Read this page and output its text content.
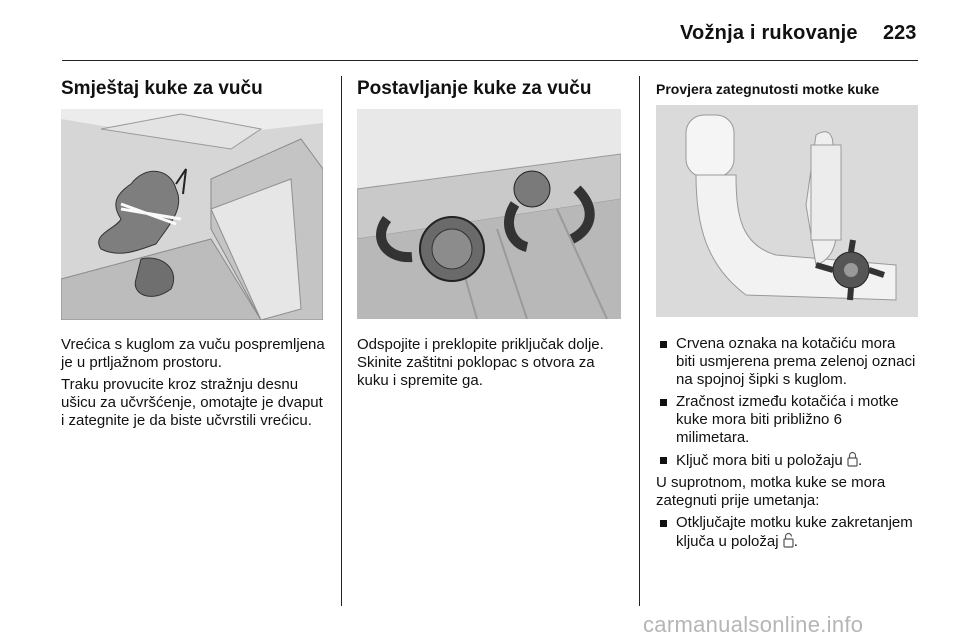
Vožnja i rukovanje 223
Smještaj kuke za vuču

Vrećica s kuglom za vuču pospremljena je u prtljažnom prostoru.

Traku provucite kroz stražnju desnu ušicu za učvršćenje, omotajte je dvaput i zategnite je da biste učvrstili vrećicu.

Postavljanje kuke za vuču

Odspojite i preklopite priključak dolje. Skinite zaštitni poklopac s otvora za kuku i spremite ga.

Provjera zategnutosti motke kuke
Crvena oznaka na kotačiću mora biti usmjerena prema zelenoj oznaci na spojnoj šipki s kuglom.
Zračnost između kotačića i motke kuke mora biti približno 6 milimetara.
Ključ mora biti u položaju .

U suprotnom, motka kuke se mora zategnuti prije umetanja:

Otključajte motku kuke zakretanjem ključa u položaj .
carmanualsonline.info
